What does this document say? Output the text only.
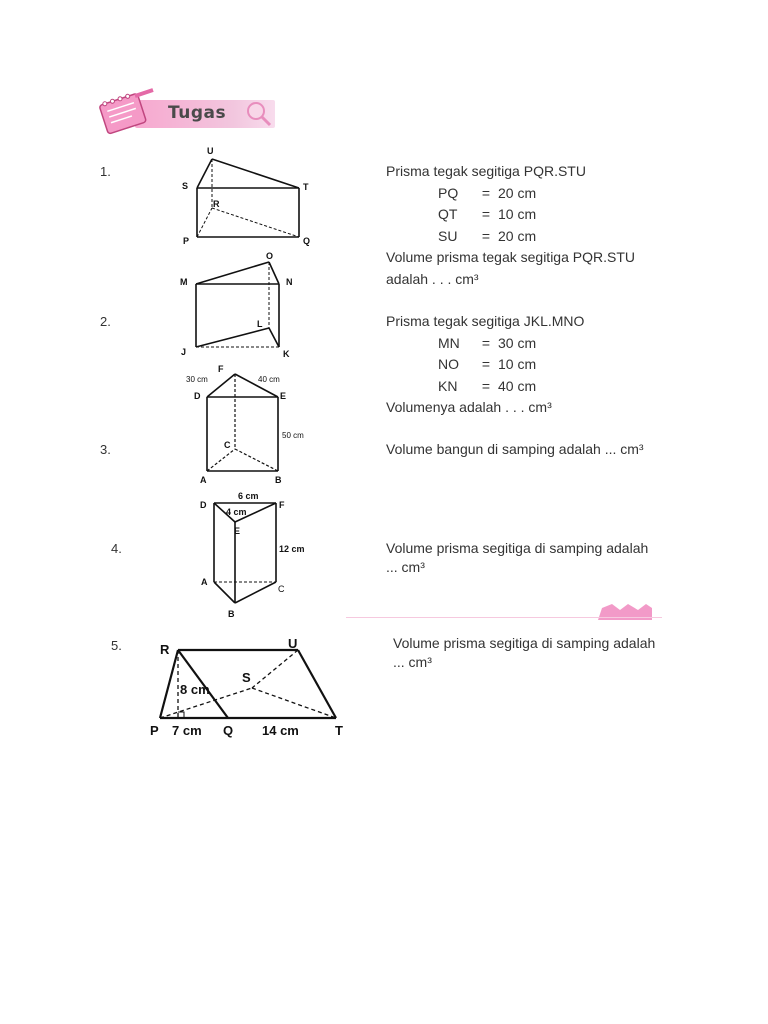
Tugas
1.
U
S	T
R
P	Q
Prisma tegak segitiga PQR.STU
PQ	= 20 cm
QT	= 10 cm
SU	= 20 cm
Volume prisma tegak segitiga PQR.STU
adalah . . . cm³
M
O
N
L
J	K
2.	Prisma tegak segitiga JKL.MNO
MN	= 30 cm
NO	= 10 cm
KN	= 40 cm
Volumenya adalah . . . cm³
F
30 cm	40 cm
D	E
50 cm
C
A	B
3.	Volume bangun di samping adalah ... cm³
6 cm
D	F
4 cm
E
12 cm
A
C
B
4.	Volume prisma segitiga di samping adalah
... cm³
R	U
S
8 cm
P 7 cm Q 14 cm	T
5.	Volume prisma segitiga di samping adalah
... cm³
